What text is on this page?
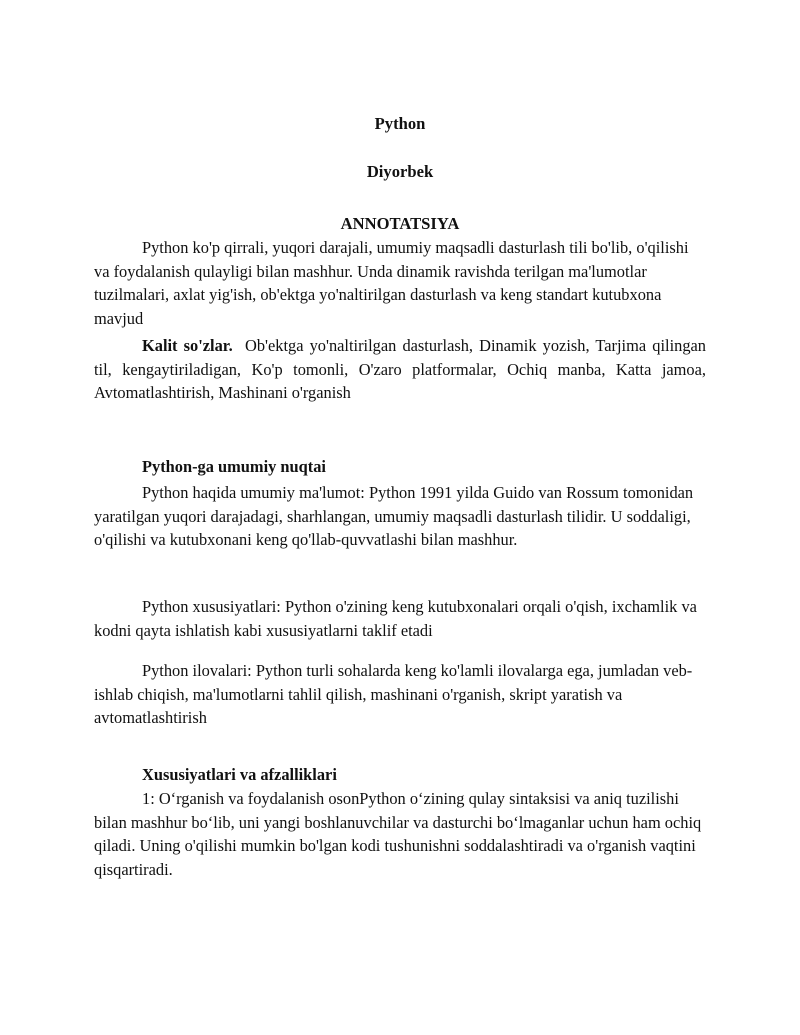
Python
Diyorbek
ANNOTATSIYA

Python ko'p qirrali, yuqori darajali, umumiy maqsadli dasturlash tili bo'lib, o'qilishi va foydalanish qulayligi bilan mashhur. Unda dinamik ravishda terilgan ma'lumotlar tuzilmalari, axlat yig'ish, ob'ektga yo'naltirilgan dasturlash va keng standart kutubxona mavjud

Kalit so'zlar. Ob'ektga yo'naltirilgan dasturlash, Dinamik yozish, Tarjima qilingan til, kengaytiriladigan, Ko'p tomonli, O'zaro platformalar, Ochiq manba, Katta jamoa, Avtomatlashtirish, Mashinani o'rganish

Python-ga umumiy nuqtai

Python haqida umumiy ma'lumot: Python 1991 yilda Guido van Rossum tomonidan yaratilgan yuqori darajadagi, sharhlangan, umumiy maqsadli dasturlash tilidir. U soddaligi, o'qilishi va kutubxonani keng qo'llab-quvvatlashi bilan mashhur.

Python xususiyatlari: Python o'zining keng kutubxonalari orqali o'qish, ixchamlik va kodni qayta ishlatish kabi xususiyatlarni taklif etadi

Python ilovalari: Python turli sohalarda keng ko'lamli ilovalarga ega, jumladan veb-ishlab chiqish, ma'lumotlarni tahlil qilish, mashinani o'rganish, skript yaratish va avtomatlashtirish

Xususiyatlari va afzalliklari

1: O‘rganish va foydalanish osonPython o‘zining qulay sintaksisi va aniq tuzilishi bilan mashhur bo‘lib, uni yangi boshlanuvchilar va dasturchi bo‘lmaganlar uchun ham ochiq qiladi. Uning o'qilishi mumkin bo'lgan kodi tushunishni soddalashtiradi va o'rganish vaqtini qisqartiradi.
